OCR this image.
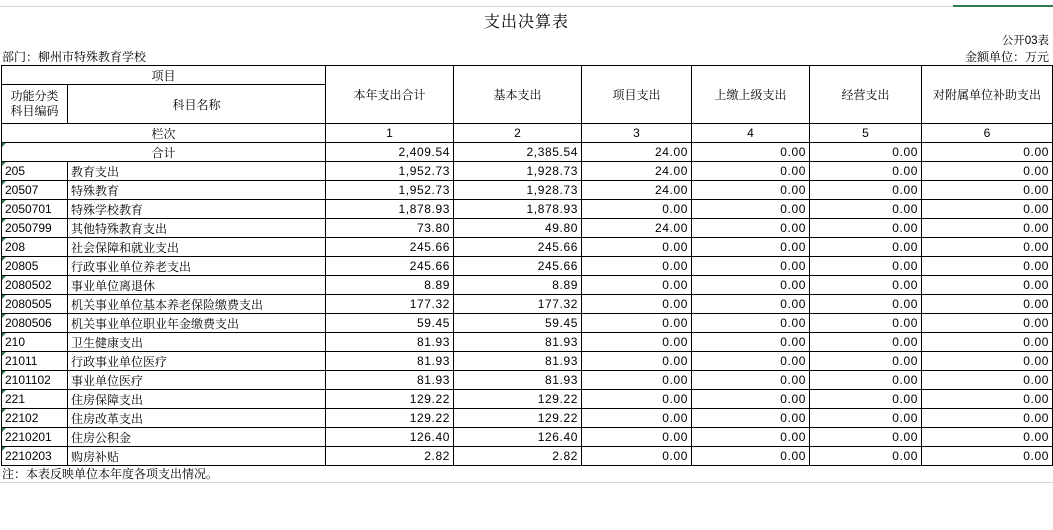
支出决算表
公开03表
部门：柳州市特殊教育学校	金额单位：万元
项目		本年支出合计	基本支出	项目支出	上缴上级支出	经营支出	对附属单位补助支出

功能分类
科目编码	科目名称						
栏次		1	2	3	4	5	6
合计		2,409.54	2,385.54	24.00	0.00	0.00	0.00
205	教育支出	1,952.73	1,928.73	24.00	0.00	0.00	0.00
20507	特殊教育	1,952.73	1,928.73	24.00	0.00	0.00	0.00
2050701	特殊学校教育	1,878.93	1,878.93	0.00	0.00	0.00	0.00
2050799	其他特殊教育支出	73.80	49.80	24.00	0.00	0.00	0.00
208	社会保障和就业支出	245.66	245.66	0.00	0.00	0.00	0.00
20805	行政事业单位养老支出	245.66	245.66	0.00	0.00	0.00	0.00
2080502	事业单位离退休	8.89	8.89	0.00	0.00	0.00	0.00
2080505	机关事业单位基本养老保险缴费支出	177.32	177.32	0.00	0.00	0.00	0.00
2080506	机关事业单位职业年金缴费支出	59.45	59.45	0.00	0.00	0.00	0.00
210	卫生健康支出	81.93	81.93	0.00	0.00	0.00	0.00
21011	行政事业单位医疗	81.93	81.93	0.00	0.00	0.00	0.00
2101102	事业单位医疗	81.93	81.93	0.00	0.00	0.00	0.00
221	住房保障支出	129.22	129.22	0.00	0.00	0.00	0.00
22102	住房改革支出	129.22	129.22	0.00	0.00	0.00	0.00
2210201	住房公积金	126.40	126.40	0.00	0.00	0.00	0.00
2210203	购房补贴	2.82	2.82	0.00	0.00	0.00	0.00
注：本表反映单位本年度各项支出情况。
